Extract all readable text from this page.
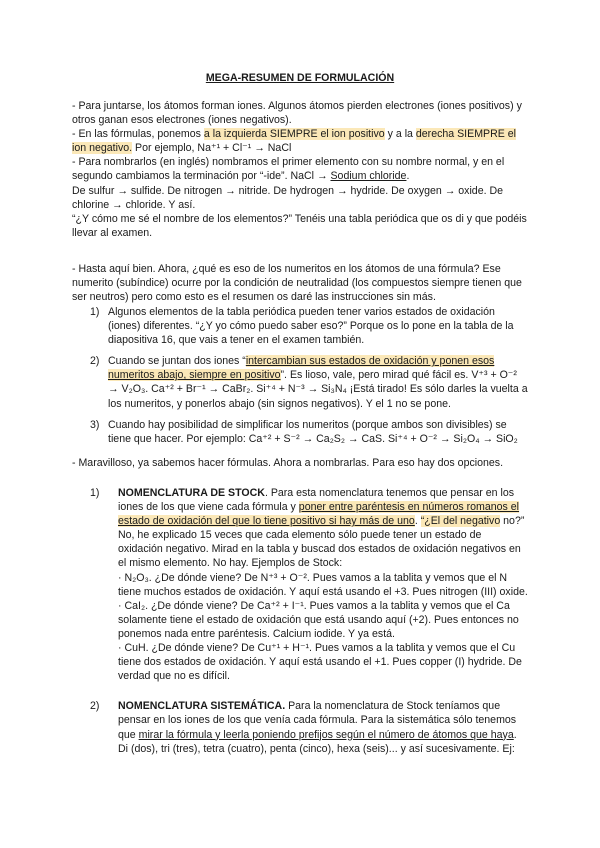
MEGA-RESUMEN DE FORMULACIÓN

- Para juntarse, los átomos forman iones. Algunos átomos pierden electrones (iones positivos) y otros ganan esos electrones (iones negativos).

- En las fórmulas, ponemos a la izquierda SIEMPRE el ion positivo y a la derecha SIEMPRE el ion negativo. Por ejemplo, Na⁺¹ + Cl⁻¹ → NaCl

- Para nombrarlos (en inglés) nombramos el primer elemento con su nombre normal, y en el segundo cambiamos la terminación por “-ide”. NaCl → Sodium chloride.

De sulfur → sulfide. De nitrogen → nitride. De hydrogen → hydride. De oxygen → oxide. De chlorine → chloride. Y así.

“¿Y cómo me sé el nombre de los elementos?” Tenéis una tabla periódica que os di y que podéis llevar al examen.

- Hasta aquí bien. Ahora, ¿qué es eso de los numeritos en los átomos de una fórmula? Ese numerito (subíndice) ocurre por la condición de neutralidad (los compuestos siempre tienen que ser neutros) pero como esto es el resumen os daré las instrucciones sin más.

1) Algunos elementos de la tabla periódica pueden tener varios estados de oxidación (iones) diferentes. “¿Y yo cómo puedo saber eso?” Porque os lo pone en la tabla de la diapositiva 16, que vais a tener en el examen también.

2) Cuando se juntan dos iones “intercambian sus estados de oxidación y ponen esos numeritos abajo, siempre en positivo”. Es lioso, vale, pero mirad qué fácil es. V⁺³ + O⁻² → V₂O₃. Ca⁺² + Br⁻¹ → CaBr₂. Si⁺⁴ + N⁻³ → Si₃N₄ ¡Está tirado! Es sólo darles la vuelta a los numeritos, y ponerlos abajo (sin signos negativos). Y el 1 no se pone.

3) Cuando hay posibilidad de simplificar los numeritos (porque ambos son divisibles) se tiene que hacer. Por ejemplo: Ca⁺² + S⁻² → Ca₂S₂ → CaS. Si⁺⁴ + O⁻² → Si₂O₄ → SiO₂

- Maravilloso, ya sabemos hacer fórmulas. Ahora a nombrarlas. Para eso hay dos opciones.

1) NOMENCLATURA DE STOCK. Para esta nomenclatura tenemos que pensar en los iones de los que viene cada fórmula y poner entre paréntesis en números romanos el estado de oxidación del que lo tiene positivo si hay más de uno. “¿El del negativo no?” No, he explicado 15 veces que cada elemento sólo puede tener un estado de oxidación negativo. Mirad en la tabla y buscad dos estados de oxidación negativos en el mismo elemento. No hay. Ejemplos de Stock:
· N₂O₃. ¿De dónde viene? De N⁺³ + O⁻². Pues vamos a la tablita y vemos que el N tiene muchos estados de oxidación. Y aquí está usando el +3. Pues nitrogen (III) oxide.
· CaI₂. ¿De dónde viene? De Ca⁺² + I⁻¹. Pues vamos a la tablita y vemos que el Ca solamente tiene el estado de oxidación que está usando aquí (+2). Pues entonces no ponemos nada entre paréntesis. Calcium iodide. Y ya está.
· CuH. ¿De dónde viene? De Cu⁺¹ + H⁻¹. Pues vamos a la tablita y vemos que el Cu tiene dos estados de oxidación. Y aquí está usando el +1. Pues copper (I) hydride. De verdad que no es difícil.

2) NOMENCLATURA SISTEMÁTICA. Para la nomenclatura de Stock teníamos que pensar en los iones de los que venía cada fórmula. Para la sistemática sólo tenemos que mirar la fórmula y leerla poniendo prefijos según el número de átomos que haya. Di (dos), tri (tres), tetra (cuatro), penta (cinco), hexa (seis)... y así sucesivamente. Ej:
